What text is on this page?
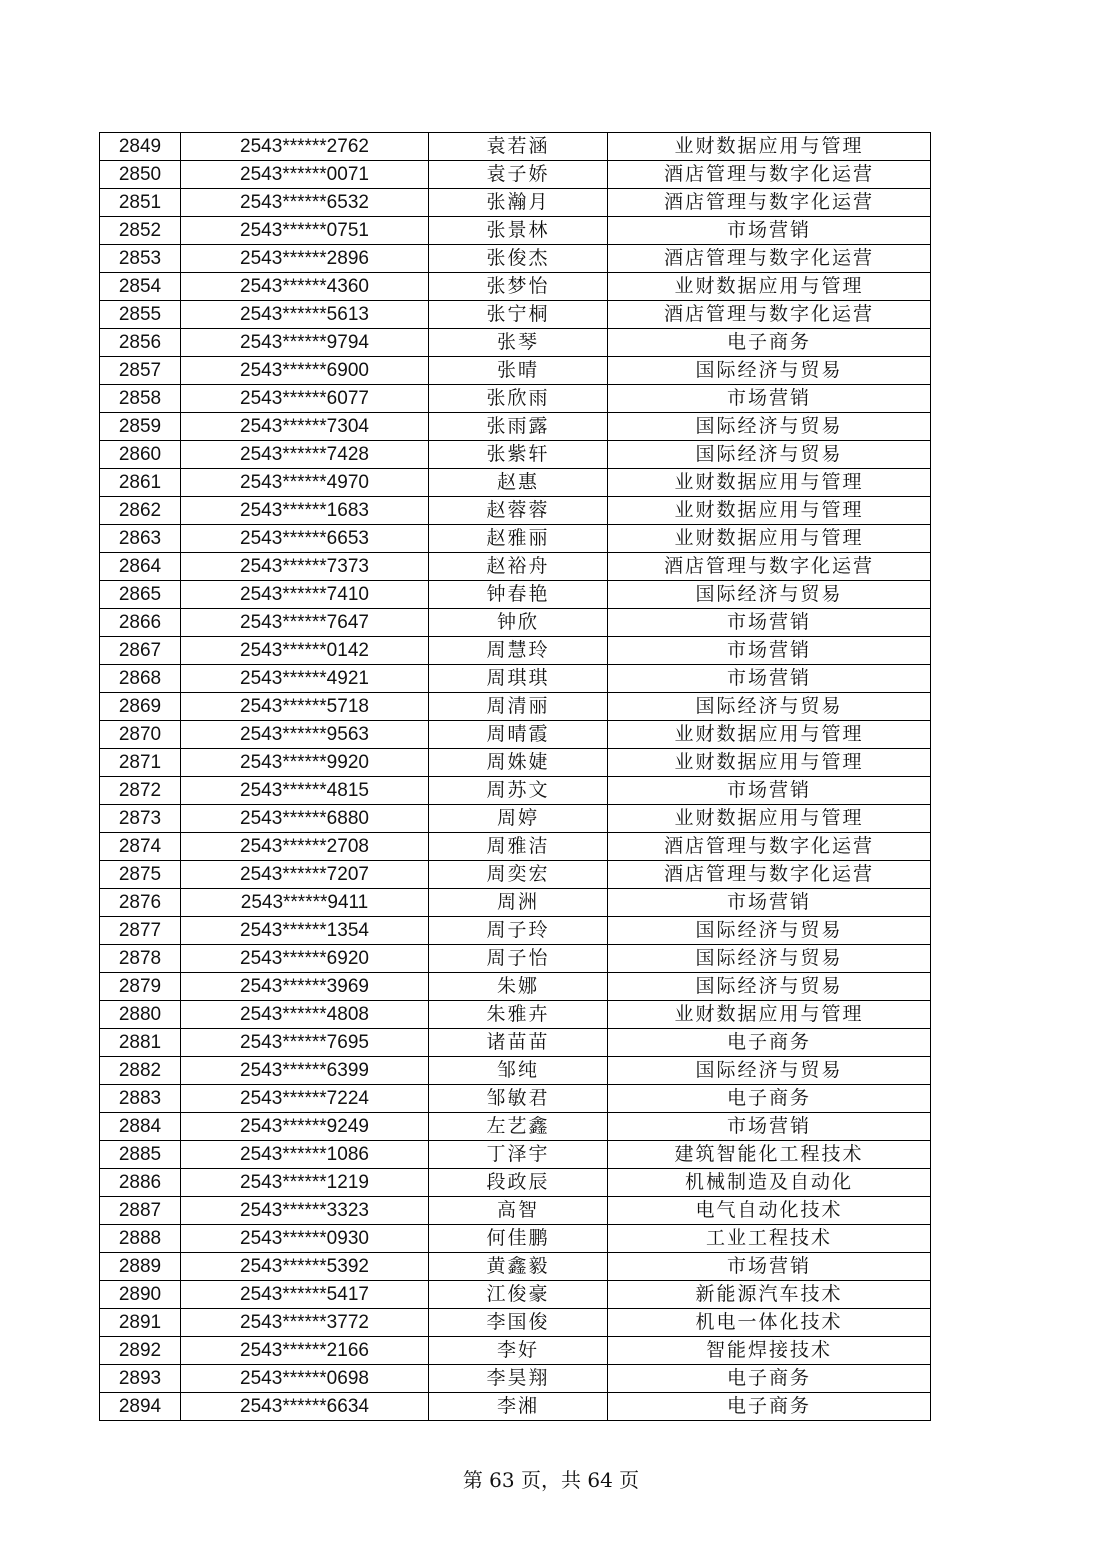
2849	2543******2762	袁若涵	业财数据应用与管理
2850	2543******0071	袁子娇	酒店管理与数字化运营
2851	2543******6532	张瀚月	酒店管理与数字化运营
2852	2543******0751	张景林	市场营销
2853	2543******2896	张俊杰	酒店管理与数字化运营
2854	2543******4360	张梦怡	业财数据应用与管理
2855	2543******5613	张宁桐	酒店管理与数字化运营
2856	2543******9794	张琴	电子商务
2857	2543******6900	张晴	国际经济与贸易
2858	2543******6077	张欣雨	市场营销
2859	2543******7304	张雨露	国际经济与贸易
2860	2543******7428	张紫轩	国际经济与贸易
2861	2543******4970	赵惠	业财数据应用与管理
2862	2543******1683	赵蓉蓉	业财数据应用与管理
2863	2543******6653	赵雅丽	业财数据应用与管理
2864	2543******7373	赵裕舟	酒店管理与数字化运营
2865	2543******7410	钟春艳	国际经济与贸易
2866	2543******7647	钟欣	市场营销
2867	2543******0142	周慧玲	市场营销
2868	2543******4921	周琪琪	市场营销
2869	2543******5718	周清丽	国际经济与贸易
2870	2543******9563	周晴霞	业财数据应用与管理
2871	2543******9920	周姝婕	业财数据应用与管理
2872	2543******4815	周苏文	市场营销
2873	2543******6880	周婷	业财数据应用与管理
2874	2543******2708	周雅洁	酒店管理与数字化运营
2875	2543******7207	周奕宏	酒店管理与数字化运营
2876	2543******9411	周洲	市场营销
2877	2543******1354	周子玲	国际经济与贸易
2878	2543******6920	周子怡	国际经济与贸易
2879	2543******3969	朱娜	国际经济与贸易
2880	2543******4808	朱雅卉	业财数据应用与管理
2881	2543******7695	诸苗苗	电子商务
2882	2543******6399	邹纯	国际经济与贸易
2883	2543******7224	邹敏君	电子商务
2884	2543******9249	左艺鑫	市场营销
2885	2543******1086	丁泽宇	建筑智能化工程技术
2886	2543******1219	段政辰	机械制造及自动化
2887	2543******3323	高智	电气自动化技术
2888	2543******0930	何佳鹏	工业工程技术
2889	2543******5392	黄鑫毅	市场营销
2890	2543******5417	江俊豪	新能源汽车技术
2891	2543******3772	李国俊	机电一体化技术
2892	2543******2166	李好	智能焊接技术
2893	2543******0698	李昊翔	电子商务
2894	2543******6634	李湘	电子商务
第 63 页，共 64 页
